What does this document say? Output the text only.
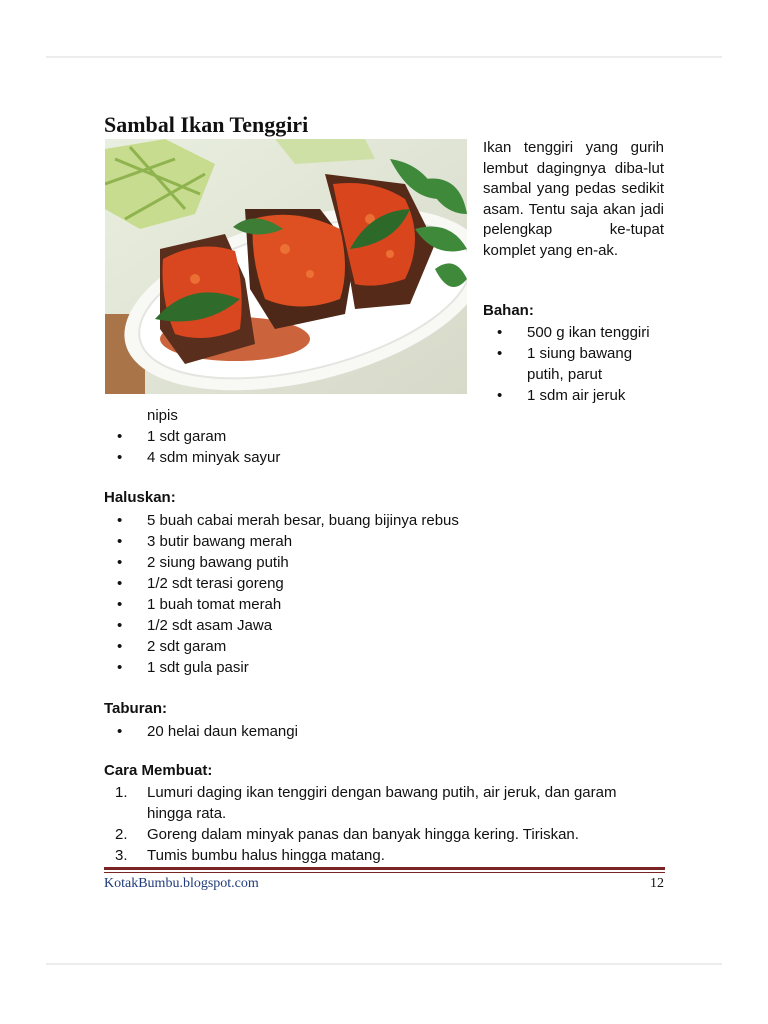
Sambal Ikan Tenggiri

Ikan tenggiri yang gurih lembut dagingnya diba-lut sambal yang pedas sedikit asam. Tentu saja akan jadi pelengkap ke-tupat komplet yang en-ak.

Bahan:
• 500 g ikan tenggiri
• 1 siung bawang putih, parut
• 1 sdm air jeruk

nipis

• 1 sdt garam
• 4 sdm minyak sayur
Haluskan:
• 5 buah cabai merah besar, buang bijinya rebus
• 3 butir bawang merah
• 2 siung bawang putih
• 1/2 sdt terasi goreng
• 1 buah tomat merah
• 1/2 sdt asam Jawa
• 2 sdt garam
• 1 sdt gula pasir
Taburan:
• 20 helai daun kemangi
Cara Membuat:
1. Lumuri daging ikan tenggiri dengan bawang putih, air jeruk, dan garam hingga rata.
2. Goreng dalam minyak panas dan banyak hingga kering. Tiriskan.
3. Tumis bumbu halus hingga matang.
KotakBumbu.blogspot.com	12
